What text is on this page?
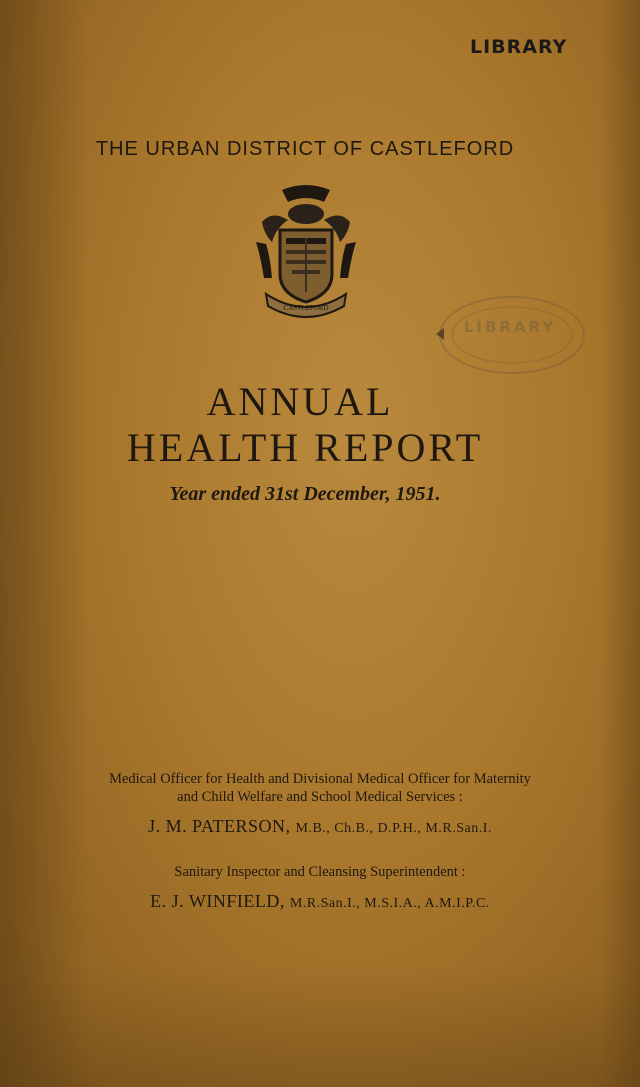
LIBRARY
THE URBAN DISTRICT OF CASTLEFORD
CASTLEFORD
LIBRARY
ANNUAL
HEALTH REPORT
Year ended 31st December, 1951.
Medical Officer for Health and Divisional Medical Officer for Maternity
and Child Welfare and School Medical Services :
J. M. PATERSON, M.B., Ch.B., D.P.H., M.R.San.I.
Sanitary Inspector and Cleansing Superintendent :
E. J. WINFIELD, M.R.San.I., M.S.I.A., A.M.I.P.C.
